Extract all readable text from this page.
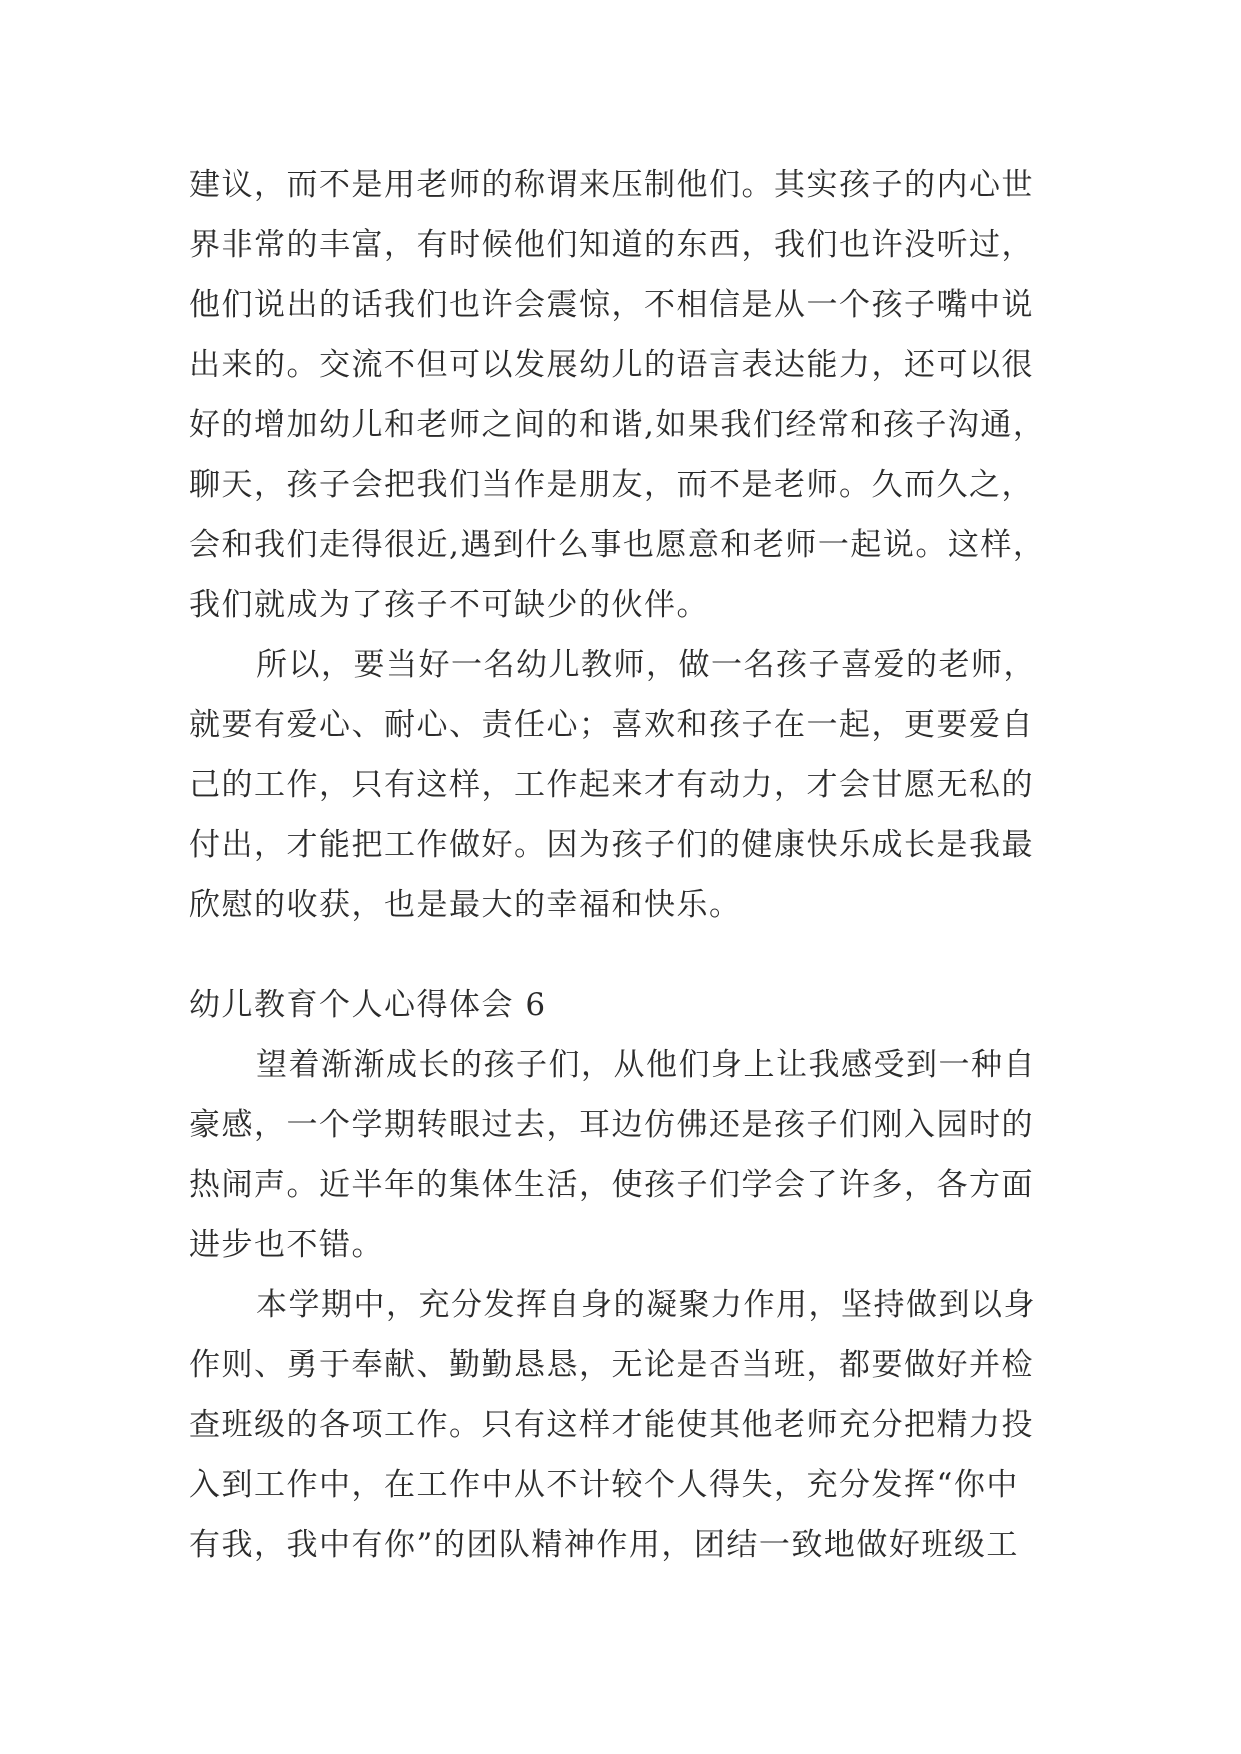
建议，而不是用老师的称谓来压制他们。其实孩子的内心世
界非常的丰富，有时候他们知道的东西，我们也许没听过，
他们说出的话我们也许会震惊，不相信是从一个孩子嘴中说
出来的。交流不但可以发展幼儿的语言表达能力，还可以很
好的增加幼儿和老师之间的和谐,如果我们经常和孩子沟通，
聊天，孩子会把我们当作是朋友，而不是老师。久而久之，
会和我们走得很近,遇到什么事也愿意和老师一起说。这样，
我们就成为了孩子不可缺少的伙伴。
所以，要当好一名幼儿教师，做一名孩子喜爱的老师，
就要有爱心、耐心、责任心；喜欢和孩子在一起，更要爱自
己的工作，只有这样，工作起来才有动力，才会甘愿无私的
付出，才能把工作做好。因为孩子们的健康快乐成长是我最
欣慰的收获，也是最大的幸福和快乐。
幼儿教育个人心得体会 6
望着渐渐成长的孩子们，从他们身上让我感受到一种自
豪感，一个学期转眼过去，耳边仿佛还是孩子们刚入园时的
热闹声。近半年的集体生活，使孩子们学会了许多，各方面
进步也不错。
本学期中，充分发挥自身的凝聚力作用，坚持做到以身
作则、勇于奉献、勤勤恳恳，无论是否当班，都要做好并检
查班级的各项工作。只有这样才能使其他老师充分把精力投
入到工作中，在工作中从不计较个人得失，充分发挥“你中
有我，我中有你”的团队精神作用，团结一致地做好班级工
